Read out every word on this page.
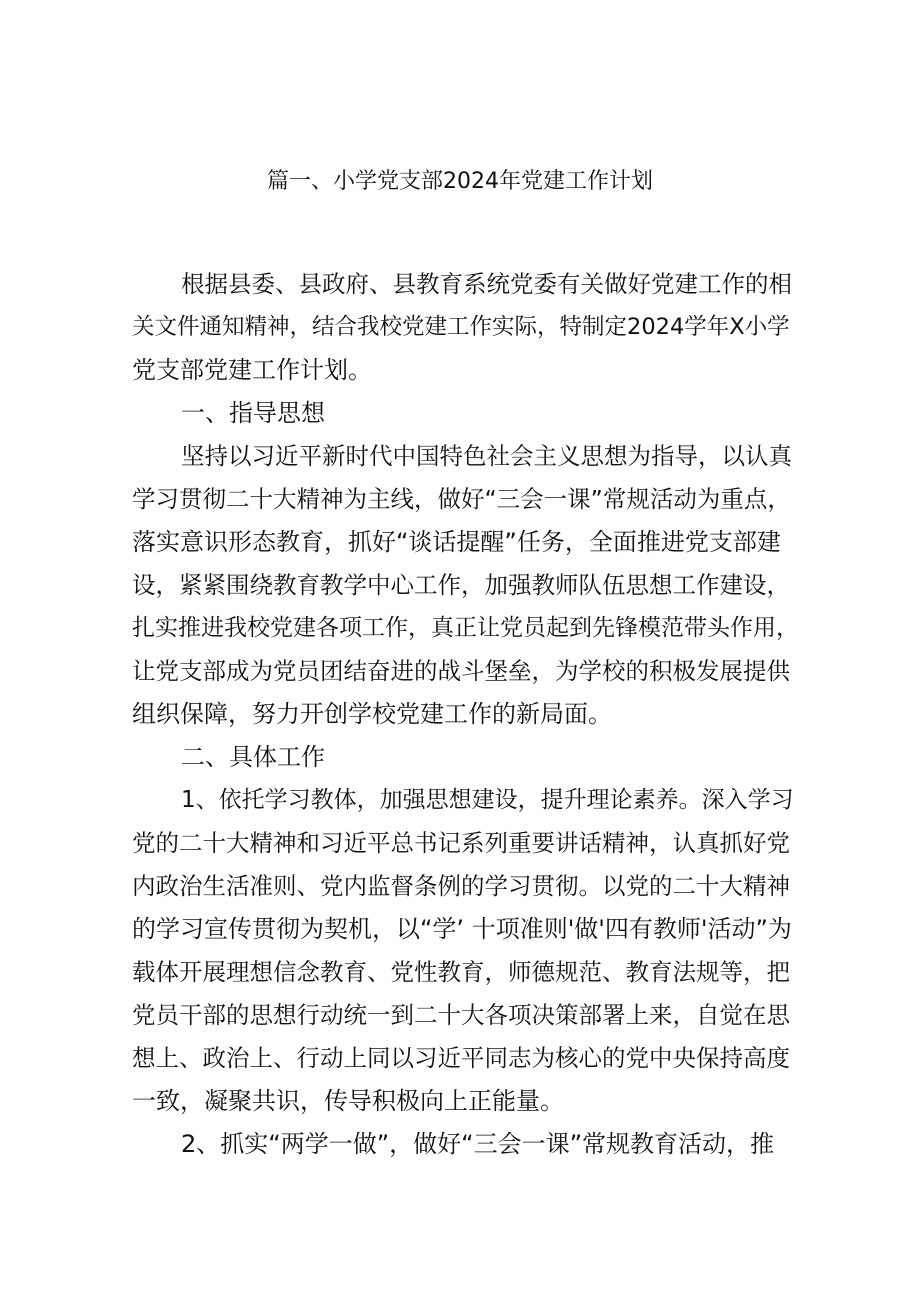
篇一、小学党支部2024年党建工作计划
根据县委、县政府、县教育系统党委有关做好党建工作的相
关文件通知精神，结合我校党建工作实际，特制定2024学年X小学
党支部党建工作计划。
一、指导思想
坚持以习近平新时代中国特色社会主义思想为指导，以认真
学习贯彻二十大精神为主线，做好“三会一课”常规活动为重点，
落实意识形态教育，抓好“谈话提醒”任务，全面推进党支部建
设，紧紧围绕教育教学中心工作，加强教师队伍思想工作建设，
扎实推进我校党建各项工作，真正让党员起到先锋模范带头作用，
让党支部成为党员团结奋进的战斗堡垒，为学校的积极发展提供
组织保障，努力开创学校党建工作的新局面。
二、具体工作
1、依托学习教体，加强思想建设，提升理论素养。深入学习
党的二十大精神和习近平总书记系列重要讲话精神，认真抓好党
内政治生活准则、党内监督条例的学习贯彻。以党的二十大精神
的学习宣传贯彻为契机，以“学’ 十项准则'做'四有教师'活动”为
载体开展理想信念教育、党性教育，师德规范、教育法规等，把
党员干部的思想行动统一到二十大各项决策部署上来，自觉在思
想上、政治上、行动上同以习近平同志为核心的党中央保持高度
一致，凝聚共识，传导积极向上正能量。
2、抓实“两学一做”，做好“三会一课”常规教育活动，推
